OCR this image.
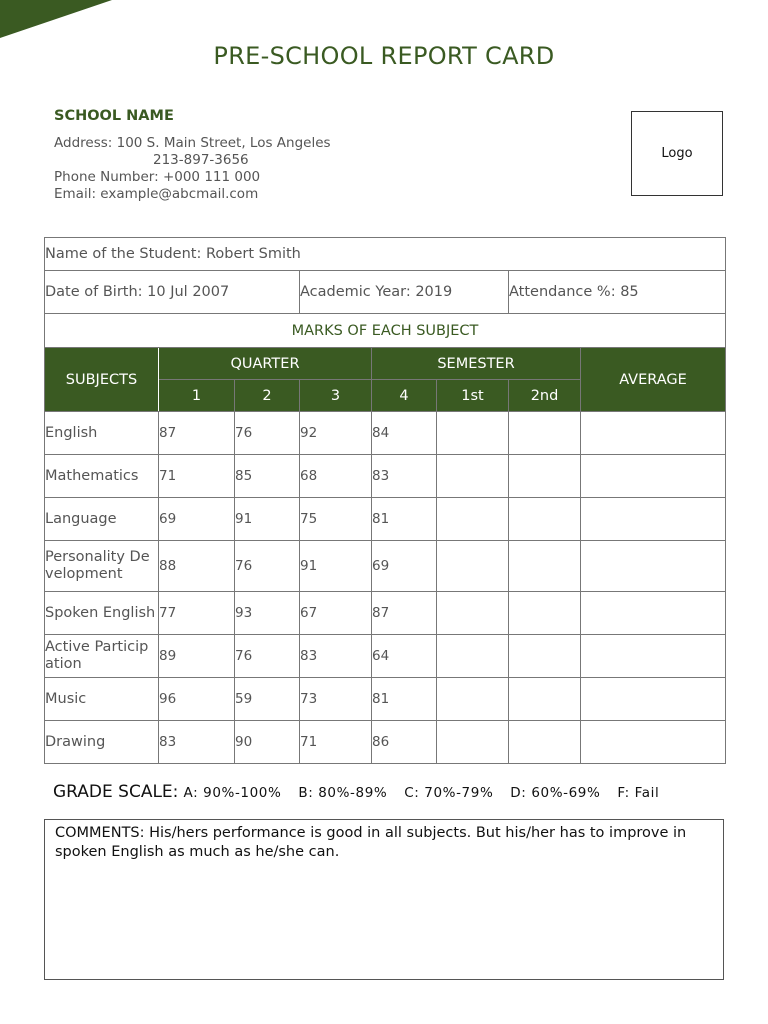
PRE-SCHOOL REPORT CARD
SCHOOL NAME
Address: 100 S. Main Street, Los Angeles
213-897-3656
Phone Number: +000 111 000
Email: example@abcmail.com
Logo
Name of the Student: Robert Smith							
Date of Birth: 10 Jul 2007			Academic Year: 2019			Attendance %: 85	
MARKS OF EACH SUBJECT							
SUBJECTS	QUARTER			SEMESTER			AVERAGE
	1	2	3	4	1st	2nd	
English	87	76	92	84			
Mathematics	71	85	68	83			
Language	69	91	75	81			
Personality Development	88	76	91	69			
Spoken English	77	93	67	87			
Active Participation	89	76	83	64			
Music	96	59	73	81			
Drawing	83	90	71	86			
GRADE SCALE: A: 90%-100% B: 80%-89% C: 70%-79% D: 60%-69% F: Fail
COMMENTS: His/hers performance is good in all subjects. But his/her has to improve in spoken English as much as he/she can.
